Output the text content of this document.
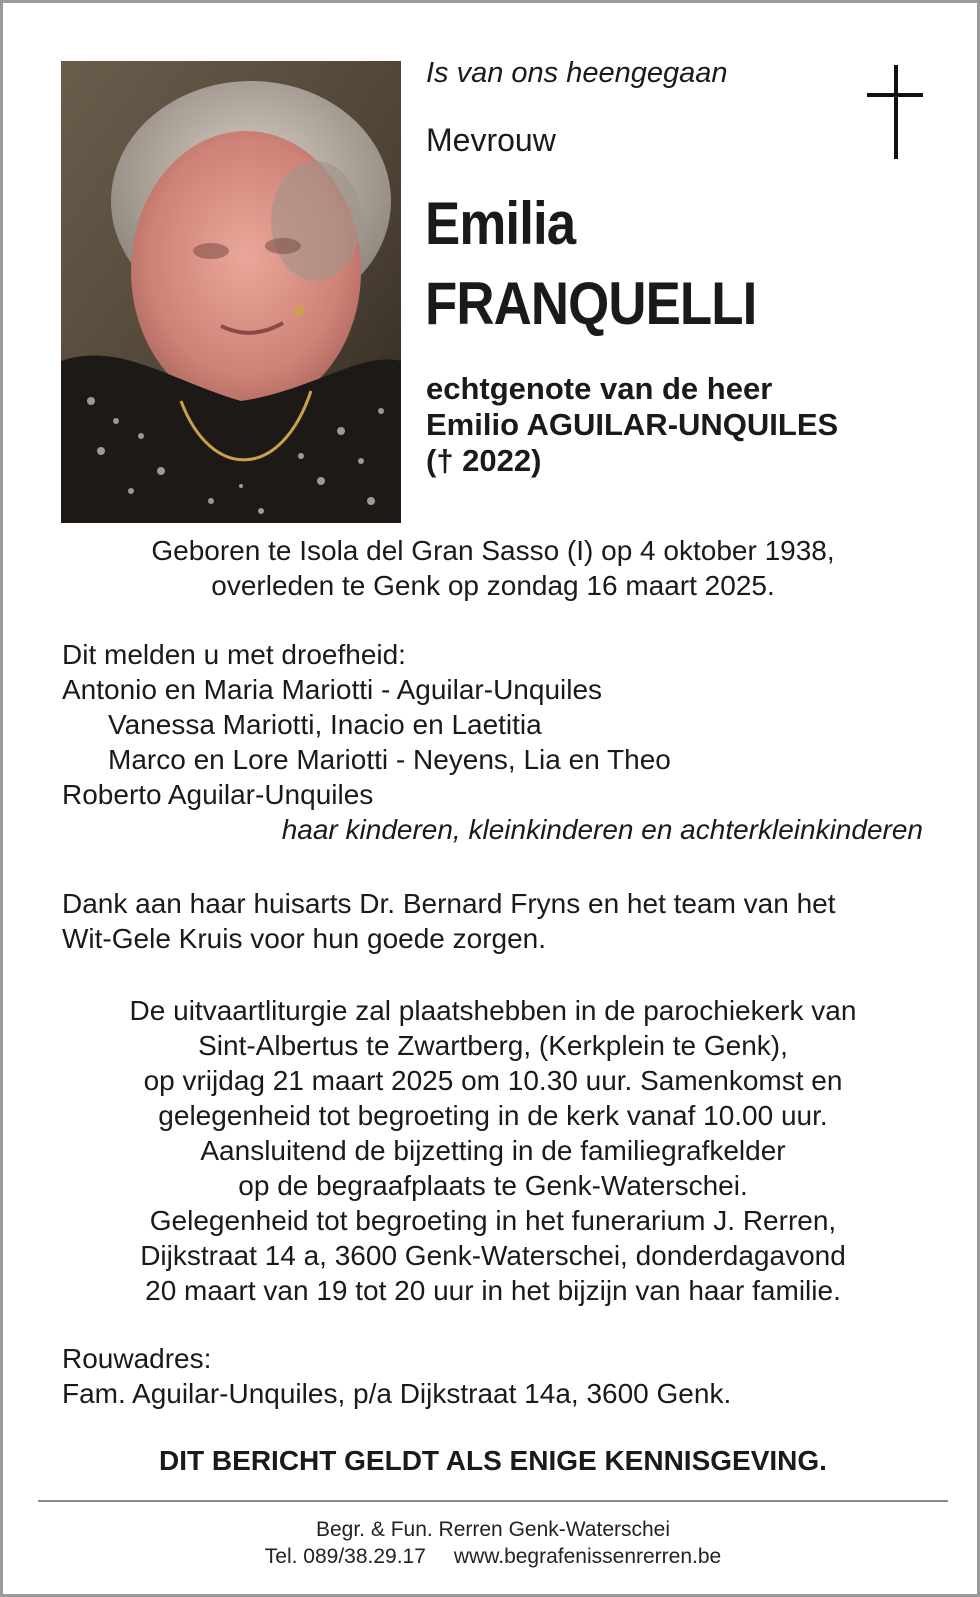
Is van ons heengegaan

Mevrouw

Emilia
FRANQUELLI
echtgenote van de heer
Emilio AGUILAR-UNQUILES
(† 2022)
Geboren te Isola del Gran Sasso (I) op 4 oktober 1938,
overleden te Genk op zondag 16 maart 2025.
Dit melden u met droefheid:
Antonio en Maria Mariotti - Aguilar-Unquiles
Vanessa Mariotti, Inacio en Laetitia
Marco en Lore Mariotti - Neyens, Lia en Theo
Roberto Aguilar-Unquiles
haar kinderen, kleinkinderen en achterkleinkinderen
Dank aan haar huisarts Dr. Bernard Fryns en het team van het
Wit-Gele Kruis voor hun goede zorgen.
De uitvaartliturgie zal plaatshebben in de parochiekerk van
Sint-Albertus te Zwartberg, (Kerkplein te Genk),
op vrijdag 21 maart 2025 om 10.30 uur. Samenkomst en
gelegenheid tot begroeting in de kerk vanaf 10.00 uur.
Aansluitend de bijzetting in de familiegrafkelder
op de begraafplaats te Genk-Waterschei.
Gelegenheid tot begroeting in het funerarium J. Rerren,
Dijkstraat 14 a, 3600 Genk-Waterschei, donderdagavond
20 maart van 19 tot 20 uur in het bijzijn van haar familie.
Rouwadres:
Fam. Aguilar-Unquiles, p/a Dijkstraat 14a, 3600 Genk.
DIT BERICHT GELDT ALS ENIGE KENNISGEVING.
Begr. & Fun. Rerren Genk-Waterschei
Tel. 089/38.29.17 www.begrafenissenrerren.be
